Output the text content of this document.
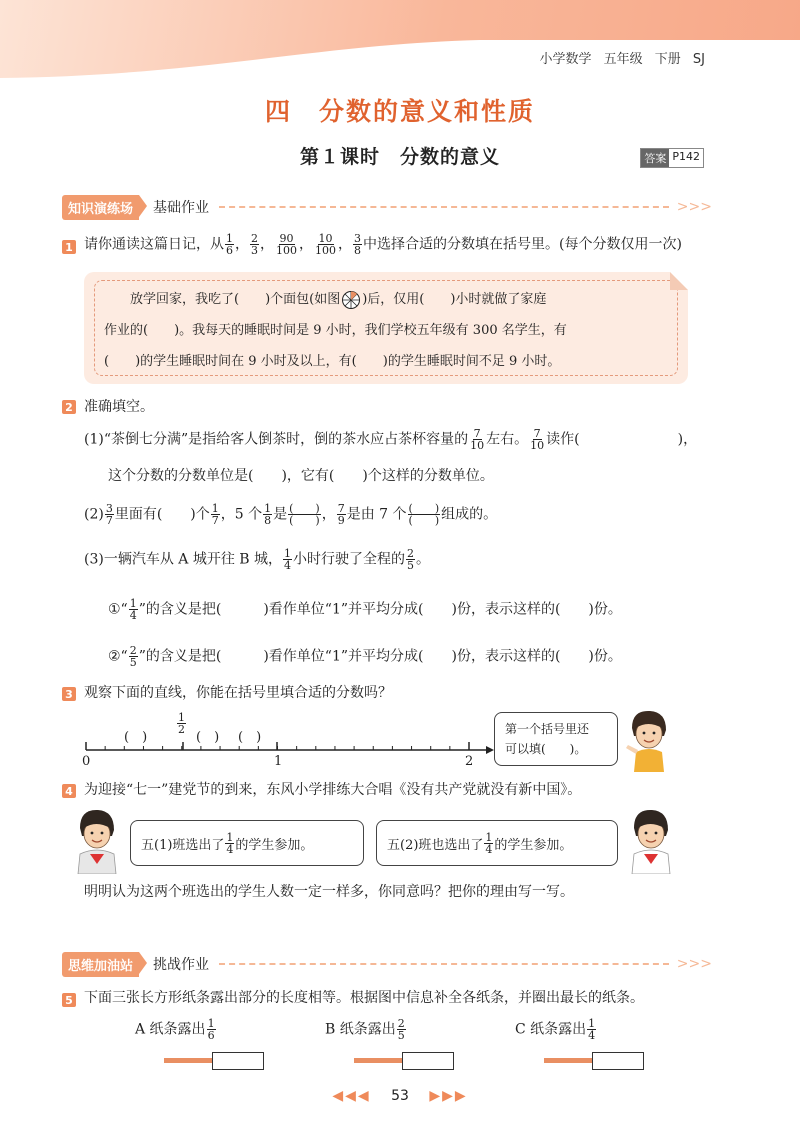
小学数学 五年级 下册 SJ
四　分数的意义和性质
第１课时　分数的意义	答案 P142
知识演练场	基础作业	>>>
1 请你通读这篇日记，从 $\frac{1}{6}$ ， $\frac{2}{3}$ ， $\frac{90}{100}$ ， $\frac{10}{100}$ ， $\frac{3}{8}$ 中选择合适的分数填在括号里。(每个分数仅用一次)
放学回家，我吃了(　　)个面包(如图 )后，仅用(　　)小时就做了家庭
作业的(　　)。我每天的睡眠时间是 9 小时，我们学校五年级有 300 名学生，有
(　　)的学生睡眠时间在 9 小时及以上，有(　　)的学生睡眠时间不足 9 小时。
2 准确填空。
(1)“茶倒七分满”是指给客人倒茶时，倒的茶水应占茶杯容量的 $\frac{7}{10}$ 左右。 $\frac{7}{10}$ 读作(　　　　　　　)，
这个分数的分数单位是(　　)，它有(　　)个这样的分数单位。
$(2) \frac{3}{7}$ 里面有(　　)个 $\frac{1}{7}$ ，5 个 $\frac{1}{8}$ 是 $\frac{( )}{( )}$ ， $\frac{7}{9}$ 是由 7 个 $\frac{( )}{( )}$ 组成的。
(3)一辆汽车从 A 城开往 B 城， $\frac{1}{4}$ 小时行驶了全程的 $\frac{2}{5}$ 。
①“ $\frac{1}{4}$ ”的含义是把(　　　)看作单位“1”并平均分成(　　)份，表示这样的(　　)份。
②“ $\frac{2}{5}$ ”的含义是把(　　　)看作单位“1”并平均分成(　　)份，表示这样的(　　)份。
3 观察下面的直线，你能在括号里填合适的分数吗？
(　)	(　) (　)
$\frac{1}{2}$
0	1	2
第一个括号里还
可以填(　　)。
4 为迎接“七一”建党节的到来，东风小学排练大合唱《没有共产党就没有新中国》。
五(1)班选出了 $\frac{1}{4}$ 的学生参加。	五(2)班也选出了 $\frac{1}{4}$ 的学生参加。
明明认为这两个班选出的学生人数一定一样多，你同意吗？把你的理由写一写。
思维加油站	挑战作业	>>>
5 下面三张长方形纸条露出部分的长度相等。根据图中信息补全各纸条，并圈出最长的纸条。
A 纸条露出 $\frac{1}{6}$	B 纸条露出 $\frac{2}{5}$	C 纸条露出 $\frac{1}{4}$
◀◀◀ 53 ▶▶▶
